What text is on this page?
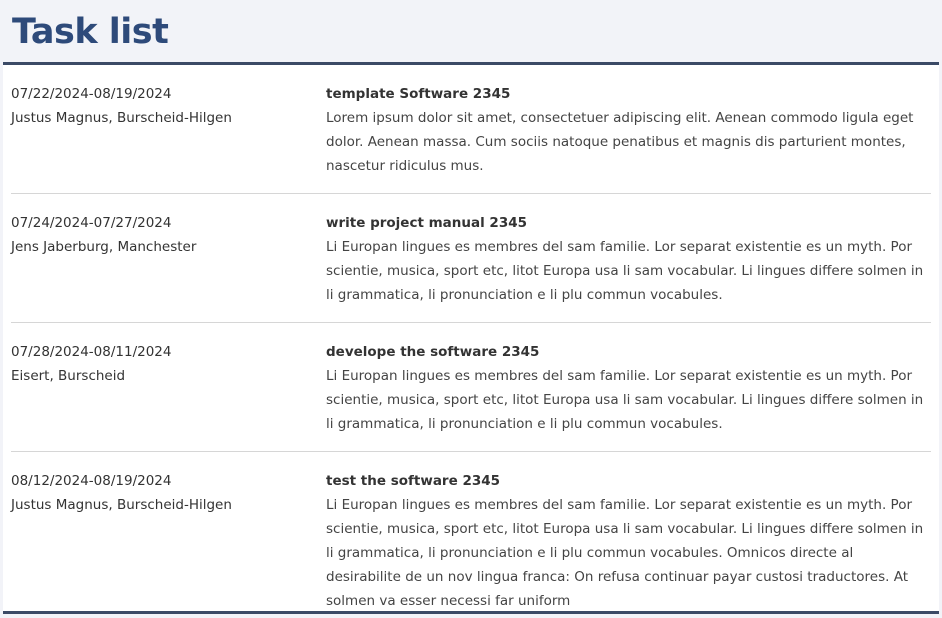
Task list
07/22/2024-08/19/2024
Justus Magnus, Burscheid-Hilgen
template Software 2345
Lorem ipsum dolor sit amet, consectetuer adipiscing elit. Aenean commodo ligula eget dolor. Aenean massa. Cum sociis natoque penatibus et magnis dis parturient montes, nascetur ridiculus mus.
07/24/2024-07/27/2024
Jens Jaberburg, Manchester
write project manual 2345
Li Europan lingues es membres del sam familie. Lor separat existentie es un myth. Por scientie, musica, sport etc, litot Europa usa li sam vocabular. Li lingues differe solmen in li grammatica, li pronunciation e li plu commun vocabules.
07/28/2024-08/11/2024
Eisert, Burscheid
develope the software 2345
Li Europan lingues es membres del sam familie. Lor separat existentie es un myth. Por scientie, musica, sport etc, litot Europa usa li sam vocabular. Li lingues differe solmen in li grammatica, li pronunciation e li plu commun vocabules.
08/12/2024-08/19/2024
Justus Magnus, Burscheid-Hilgen
test the software 2345
Li Europan lingues es membres del sam familie. Lor separat existentie es un myth. Por scientie, musica, sport etc, litot Europa usa li sam vocabular. Li lingues differe solmen in li grammatica, li pronunciation e li plu commun vocabules. Omnicos directe al desirabilite de un nov lingua franca: On refusa continuar payar custosi traductores. At solmen va esser necessi far uniform
